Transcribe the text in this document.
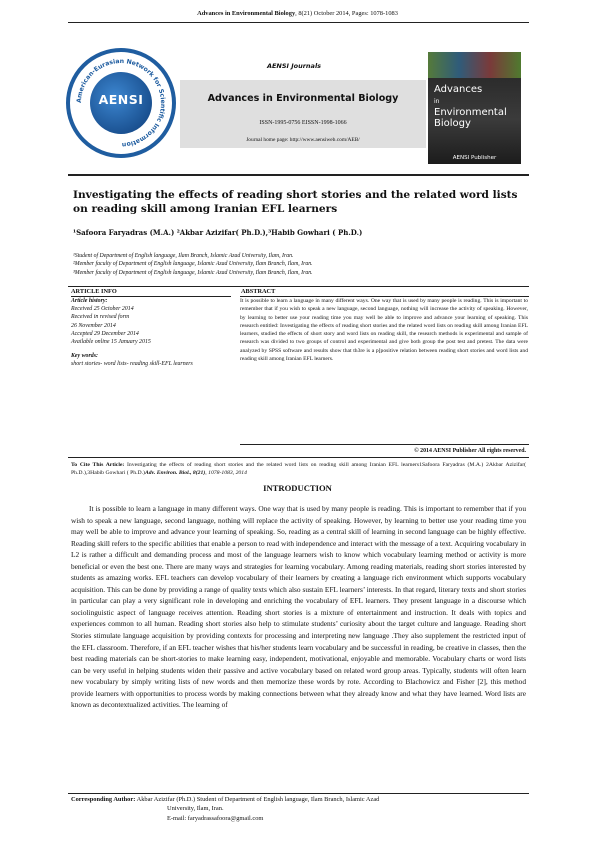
Advances in Environmental Biology, 8(21) October 2014, Pages: 1078-1083
American-Eurasian Network for Scientific Information
AENSI
AENSI Journals
Advances in Environmental Biology
ISSN-1995-0756 EISSN-1998-1066
Journal home page: http://www.aensiweb.com/AEB/
Advances
in
Environmental Biology
AENSI Publisher
Investigating the effects of reading short stories and the related word lists on reading skill among Iranian EFL learners
¹Safoora Faryadras (M.A.) ²Akbar Azizifar( Ph.D.),³Habib Gowhari ( Ph.D.)
¹Student of Department of English language, Ilam Branch, Islamic Azad University, Ilam, Iran.
²Member faculty of Department of English language, Islamic Azad University, Ilam Branch, Ilam, Iran.
³Member faculty of Department of English language, Islamic Azad University, Ilam Branch, Ilam, Iran.
ARTICLE INFO	ABSTRACT
Article history:
Received 25 October 2014
Received in revised form
26 November 2014
Accepted 29 December 2014
Available online 15 January 2015
Key words:
short stories- word lists- reading skill-EFL learners
It is possible to learn a language in many different ways. One way that is used by many people is reading. This is important to remember that if you wish to speak a new language, second language, nothing will increase the activity of speaking. However, by learning to better use your reading time you may well be able to improve and advance your learning of speaking. This research entitled: Investigating the effects of reading short stories and the related word lists on reading skill among Iranian EFL learners, studied the effects of short story and word lists on reading skill, the research methods is experimental and sample of research was divided to two groups of control and experimental and give both group the post test and pretest. The data were analyzed by SPSS software and results show that th3re is a p[positive relation between reading short stories and word lists and reading skill among Iranian EFL learners.
© 2014 AENSI Publisher All rights reserved.
To Cite This Article: Investigating the effects of reading short stories and the related word lists on reading skill among Iranian EFL learners1Safoora Faryadras (M.A.) 2Akbar Azizifar( Ph.D.),3Habib Gowhari ( Ph.D.)Adv. Environ. Biol., 8(21), 1078-1083, 2014
INTRODUCTION

It is possible to learn a language in many different ways. One way that is used by many people is reading. This is important to remember that if you wish to speak a new language, second language, nothing will replace the activity of speaking. However, by learning to better use your reading time you may well be able to improve and advance your learning of speaking. So, reading as a central skill of learning in second language can be highly effective. Reading skill refers to the specific abilities that enable a person to read with independence and interact with the message of a text. Acquiring vocabulary in L2 is rather a difficult and demanding process and most of the language learners wish to know which vocabulary learning method or activity is more beneficial or even the best one. There are many ways and strategies for learning vocabulary. Among reading materials, reading short stories interested by students as amazing works. EFL teachers can develop vocabulary of their learners by creating a language rich environment which supports vocabulary acquisition. This can be done by providing a range of quality texts which also sustain EFL learners’ interests. In that regard, literary texts and short stories in particular can play a very significant role in developing and enriching the vocabulary of EFL learners. They present language in a discourse which sociolinguistic aspect of language receives attention. Reading short stories is a mixture of entertainment and instruction. It deals with topics and experiences common to all human. Reading short stories also help to stimulate students’ curiosity about the target culture and language. Reading short Stories stimulate language acquisition by providing contexts for processing and interpreting new language .They also supplement the restricted input of the EFL classroom. Therefore, if an EFL teacher wishes that his/her students learn vocabulary and be successful in reading, be creative in classes, then the best reading materials can be short-stories to make learning easy, independent, motivational, enjoyable and memorable. Vocabulary charts or word lists can be very useful in helping students widen their passive and active vocabulary based on related word group areas. Typically, students will often learn new vocabulary by simply writing lists of new words and then memorize these words by rote. According to Blachowicz and Fisher [2], this method provide learners with opportunities to process words by making connections between what they already know and what they have learned. Word lists are known as decontextualized activities. The learning of

Corresponding Author: Akbar Azizifar (Ph.D.) Student of Department of English language, Ilam Branch, Islamic Azad
University, Ilam, Iran.
E-mail: faryadrassafoora@gmail.com
